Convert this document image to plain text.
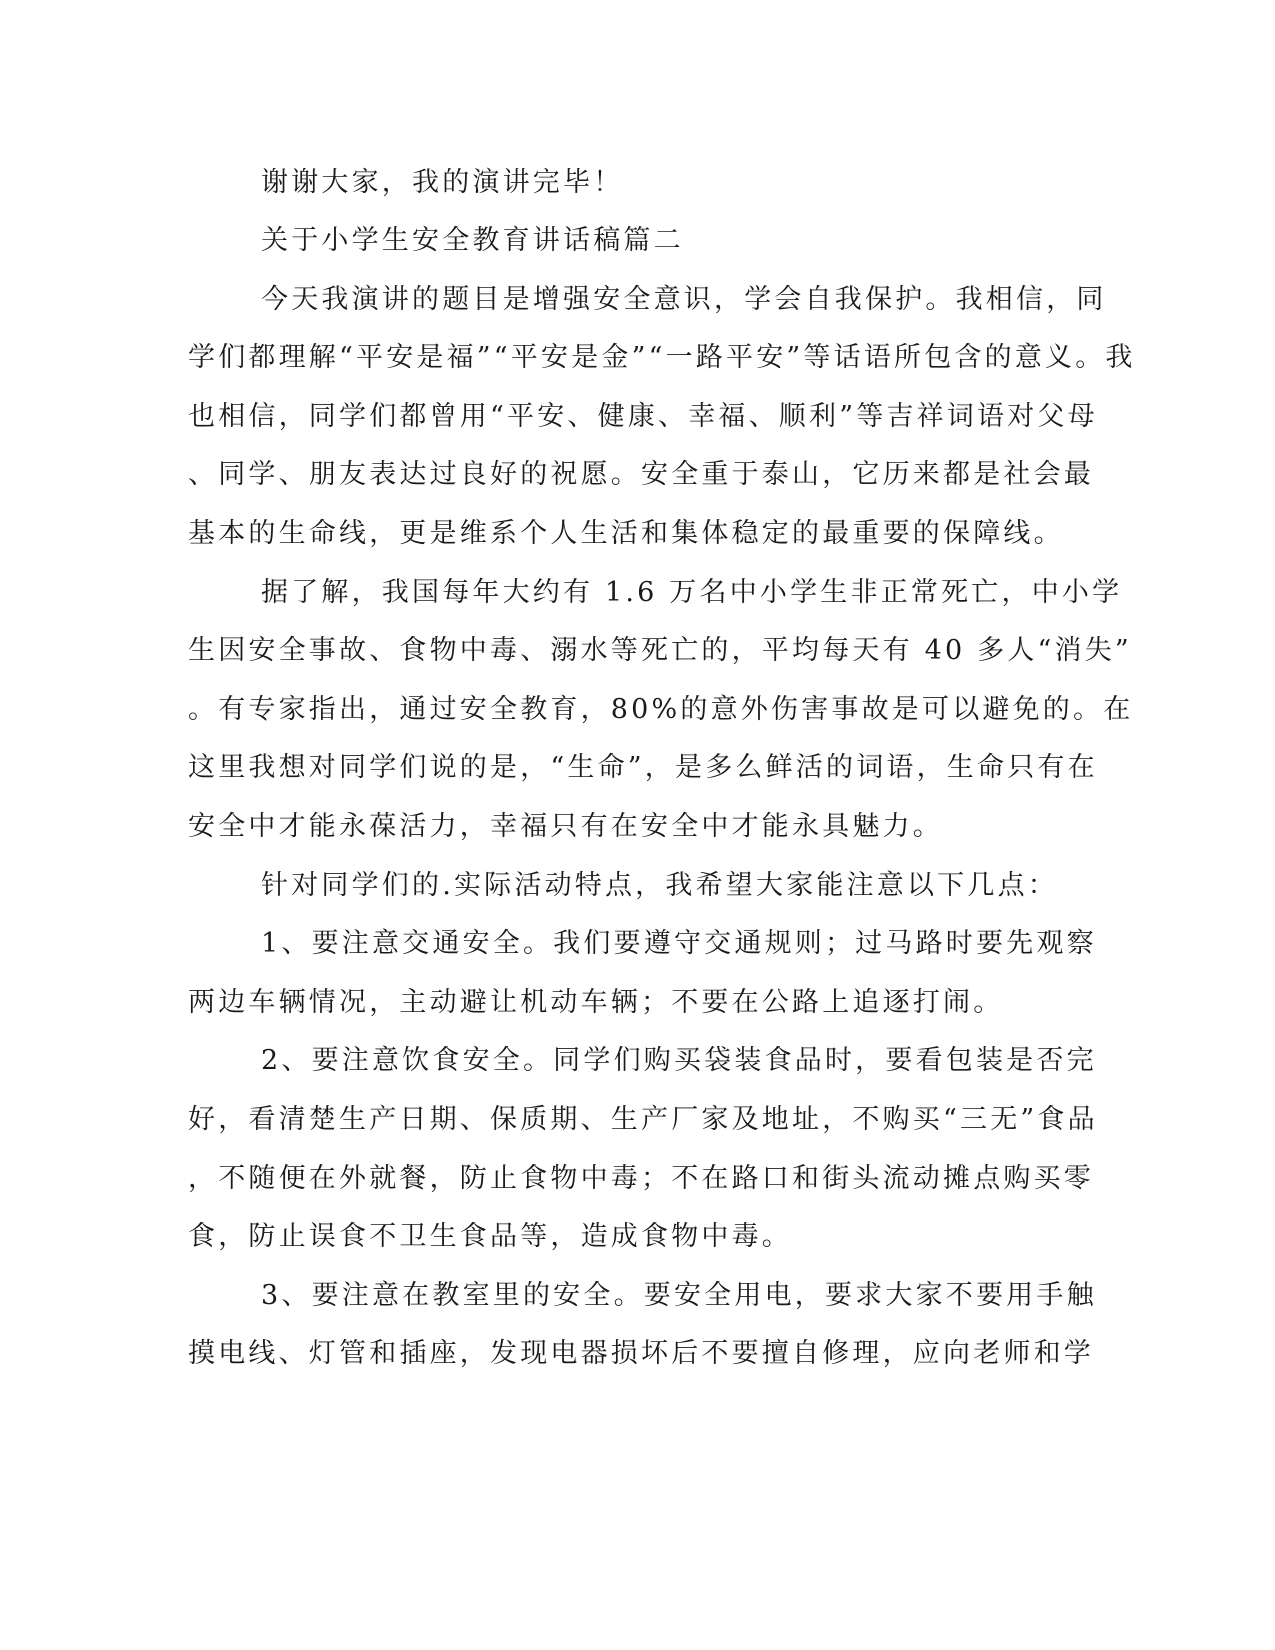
谢谢大家，我的演讲完毕！
关于小学生安全教育讲话稿篇二
今天我演讲的题目是增强安全意识，学会自我保护。我相信，同
学们都理解“平安是福”“平安是金”“一路平安”等话语所包含的意义。我
也相信，同学们都曾用“平安、健康、幸福、顺利”等吉祥词语对父母
、同学、朋友表达过良好的祝愿。安全重于泰山，它历来都是社会最
基本的生命线，更是维系个人生活和集体稳定的最重要的保障线。
据了解，我国每年大约有 1.6 万名中小学生非正常死亡，中小学
生因安全事故、食物中毒、溺水等死亡的，平均每天有 40 多人“消失”
。有专家指出，通过安全教育，80%的意外伤害事故是可以避免的。在
这里我想对同学们说的是，“生命”，是多么鲜活的词语，生命只有在
安全中才能永葆活力，幸福只有在安全中才能永具魅力。
针对同学们的.实际活动特点，我希望大家能注意以下几点：
1、要注意交通安全。我们要遵守交通规则；过马路时要先观察
两边车辆情况，主动避让机动车辆；不要在公路上追逐打闹。
2、要注意饮食安全。同学们购买袋装食品时，要看包装是否完
好，看清楚生产日期、保质期、生产厂家及地址，不购买“三无”食品
，不随便在外就餐，防止食物中毒；不在路口和街头流动摊点购买零
食，防止误食不卫生食品等，造成食物中毒。
3、要注意在教室里的安全。要安全用电，要求大家不要用手触
摸电线、灯管和插座，发现电器损坏后不要擅自修理，应向老师和学
